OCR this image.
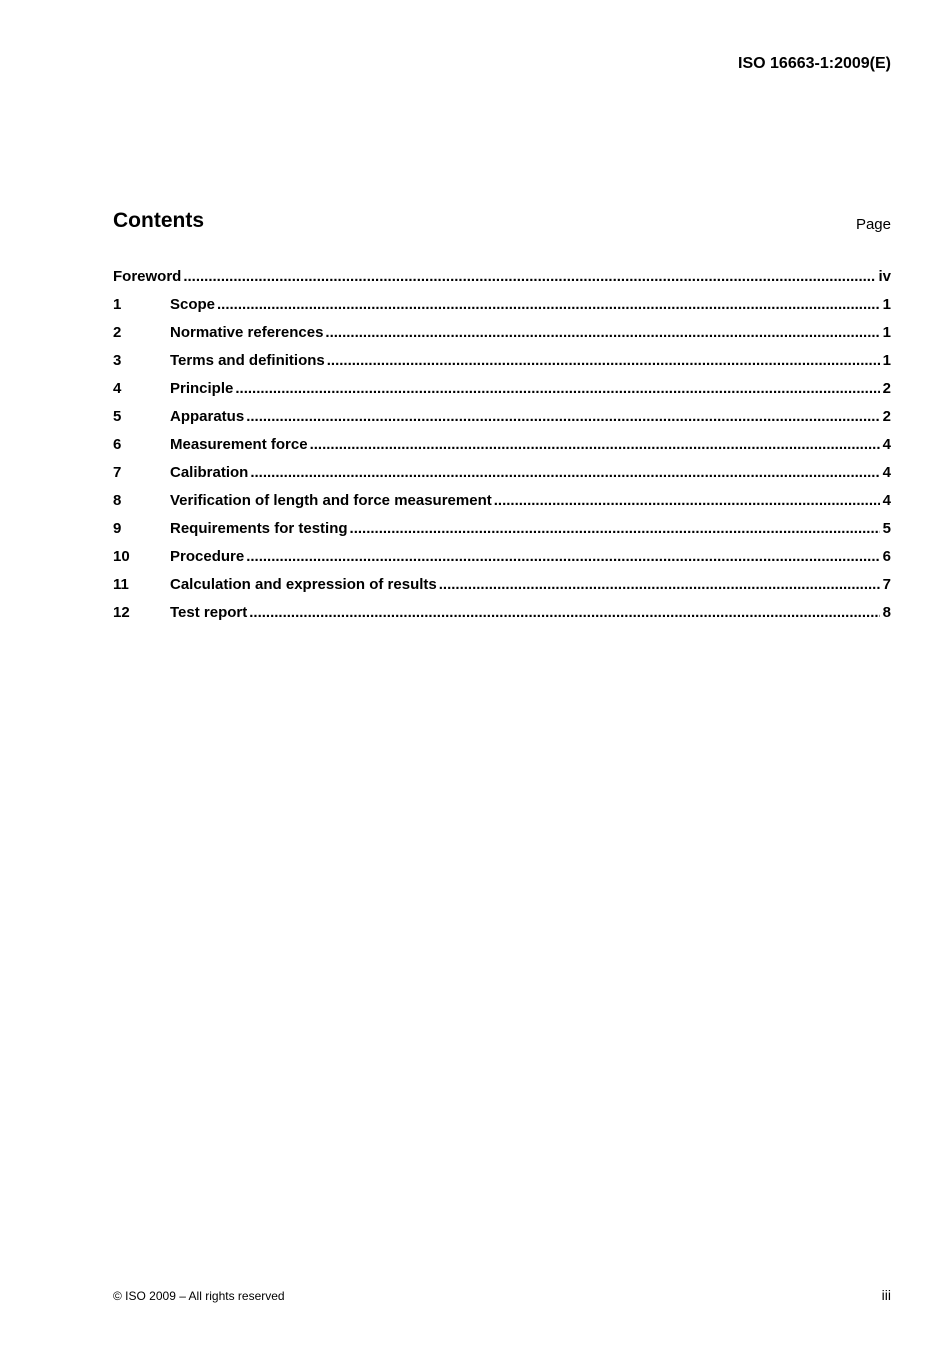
ISO 16663-1:2009(E)
Contents	Page
Foreword .....	iv
1	Scope .....	1
2	Normative references .....	1
3	Terms and definitions .....	1
4	Principle .....	2
5	Apparatus .....	2
6	Measurement force .....	4
7	Calibration .....	4
8	Verification of length and force measurement .....	4
9	Requirements for testing .....	5
10	Procedure .....	6
11	Calculation and expression of results .....	7
12	Test report .....	8
© ISO 2009 – All rights reserved	iii
